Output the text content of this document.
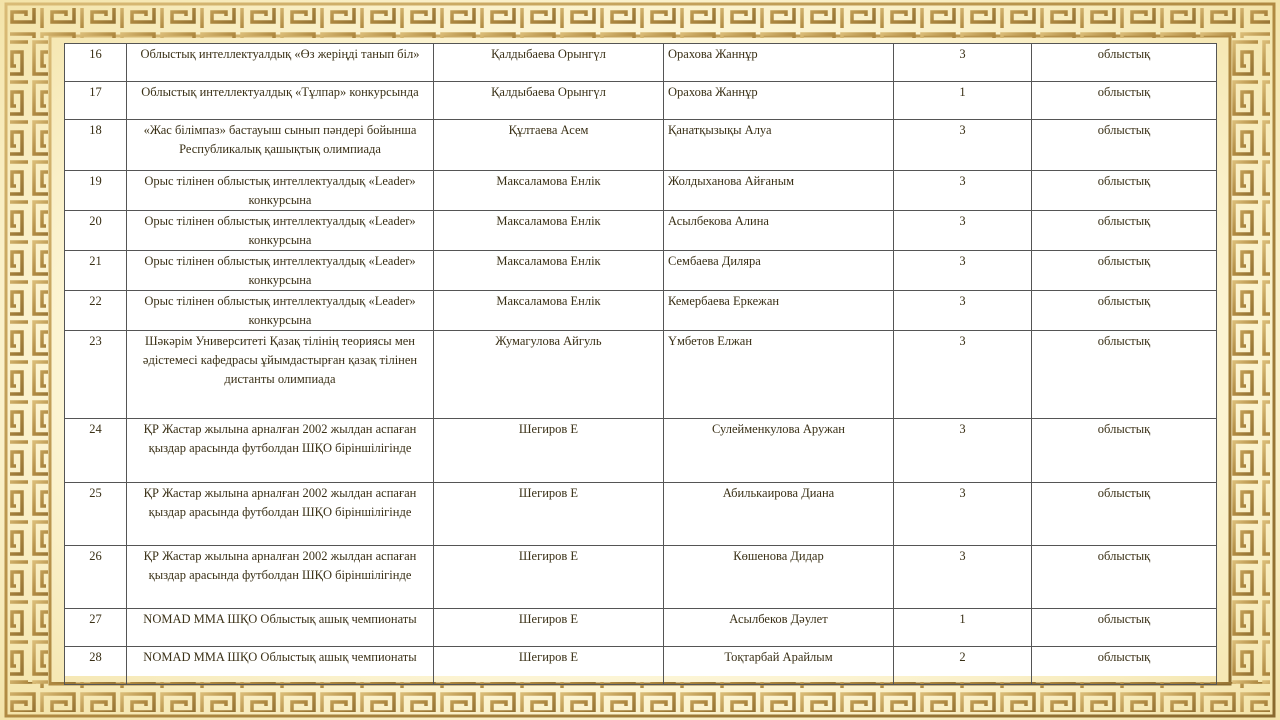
16	Облыстық интеллектуалдық «Өз жеріңді танып біл»	Қалдыбаева Орынгүл	Орахова Жаннұр	3	облыстық
17	Облыстық интеллектуалдық «Тұлпар» конкурсында	Қалдыбаева Орынгүл	Орахова Жаннұр	1	облыстық
18	«Жас білімпаз» бастауыш сынып пәндері бойынша Республикалық қашықтық олимпиада	Құлтаева Асем	Қанатқызықы Алуа	3	облыстық
19	Орыс тілінен облыстық интеллектуалдық «Leader» конкурсына	Максаламова Енлік	Жолдыханова Айғаным	3	облыстық
20	Орыс тілінен облыстық интеллектуалдық «Leader» конкурсына	Максаламова Енлік	Асылбекова Алина	3	облыстық
21	Орыс тілінен облыстық интеллектуалдық «Leader» конкурсына	Максаламова Енлік	Сембаева Диляра	3	облыстық
22	Орыс тілінен облыстық интеллектуалдық «Leader» конкурсына	Максаламова Енлік	Кемербаева Еркежан	3	облыстық
23	Шәкәрім Университеті Қазақ тілінің теориясы мен әдістемесі кафедрасы ұйымдастырған қазақ тілінен дистанты олимпиада	Жумагулова Айгуль	Үмбетов Елжан	3	облыстық
24	ҚР Жастар жылына арналған 2002 жылдан аспаған қыздар арасында футболдан ШҚО біріншілігінде	Шегиров Е	Сулейменкулова Аружан	3	облыстық
25	ҚР Жастар жылына арналған 2002 жылдан аспаған қыздар арасында футболдан ШҚО біріншілігінде	Шегиров Е	Абилькаирова Диана	3	облыстық
26	ҚР Жастар жылына арналған 2002 жылдан аспаған қыздар арасында футболдан ШҚО біріншілігінде	Шегиров Е	Көшенова Дидар	3	облыстық
27	NOMAD MMA ШҚО Облыстық ашық чемпионаты	Шегиров Е	Асылбеков Дәулет	1	облыстық
28	NOMAD MMA ШҚО Облыстық ашық чемпионаты	Шегиров Е	Тоқтарбай Арайлым	2	облыстық
